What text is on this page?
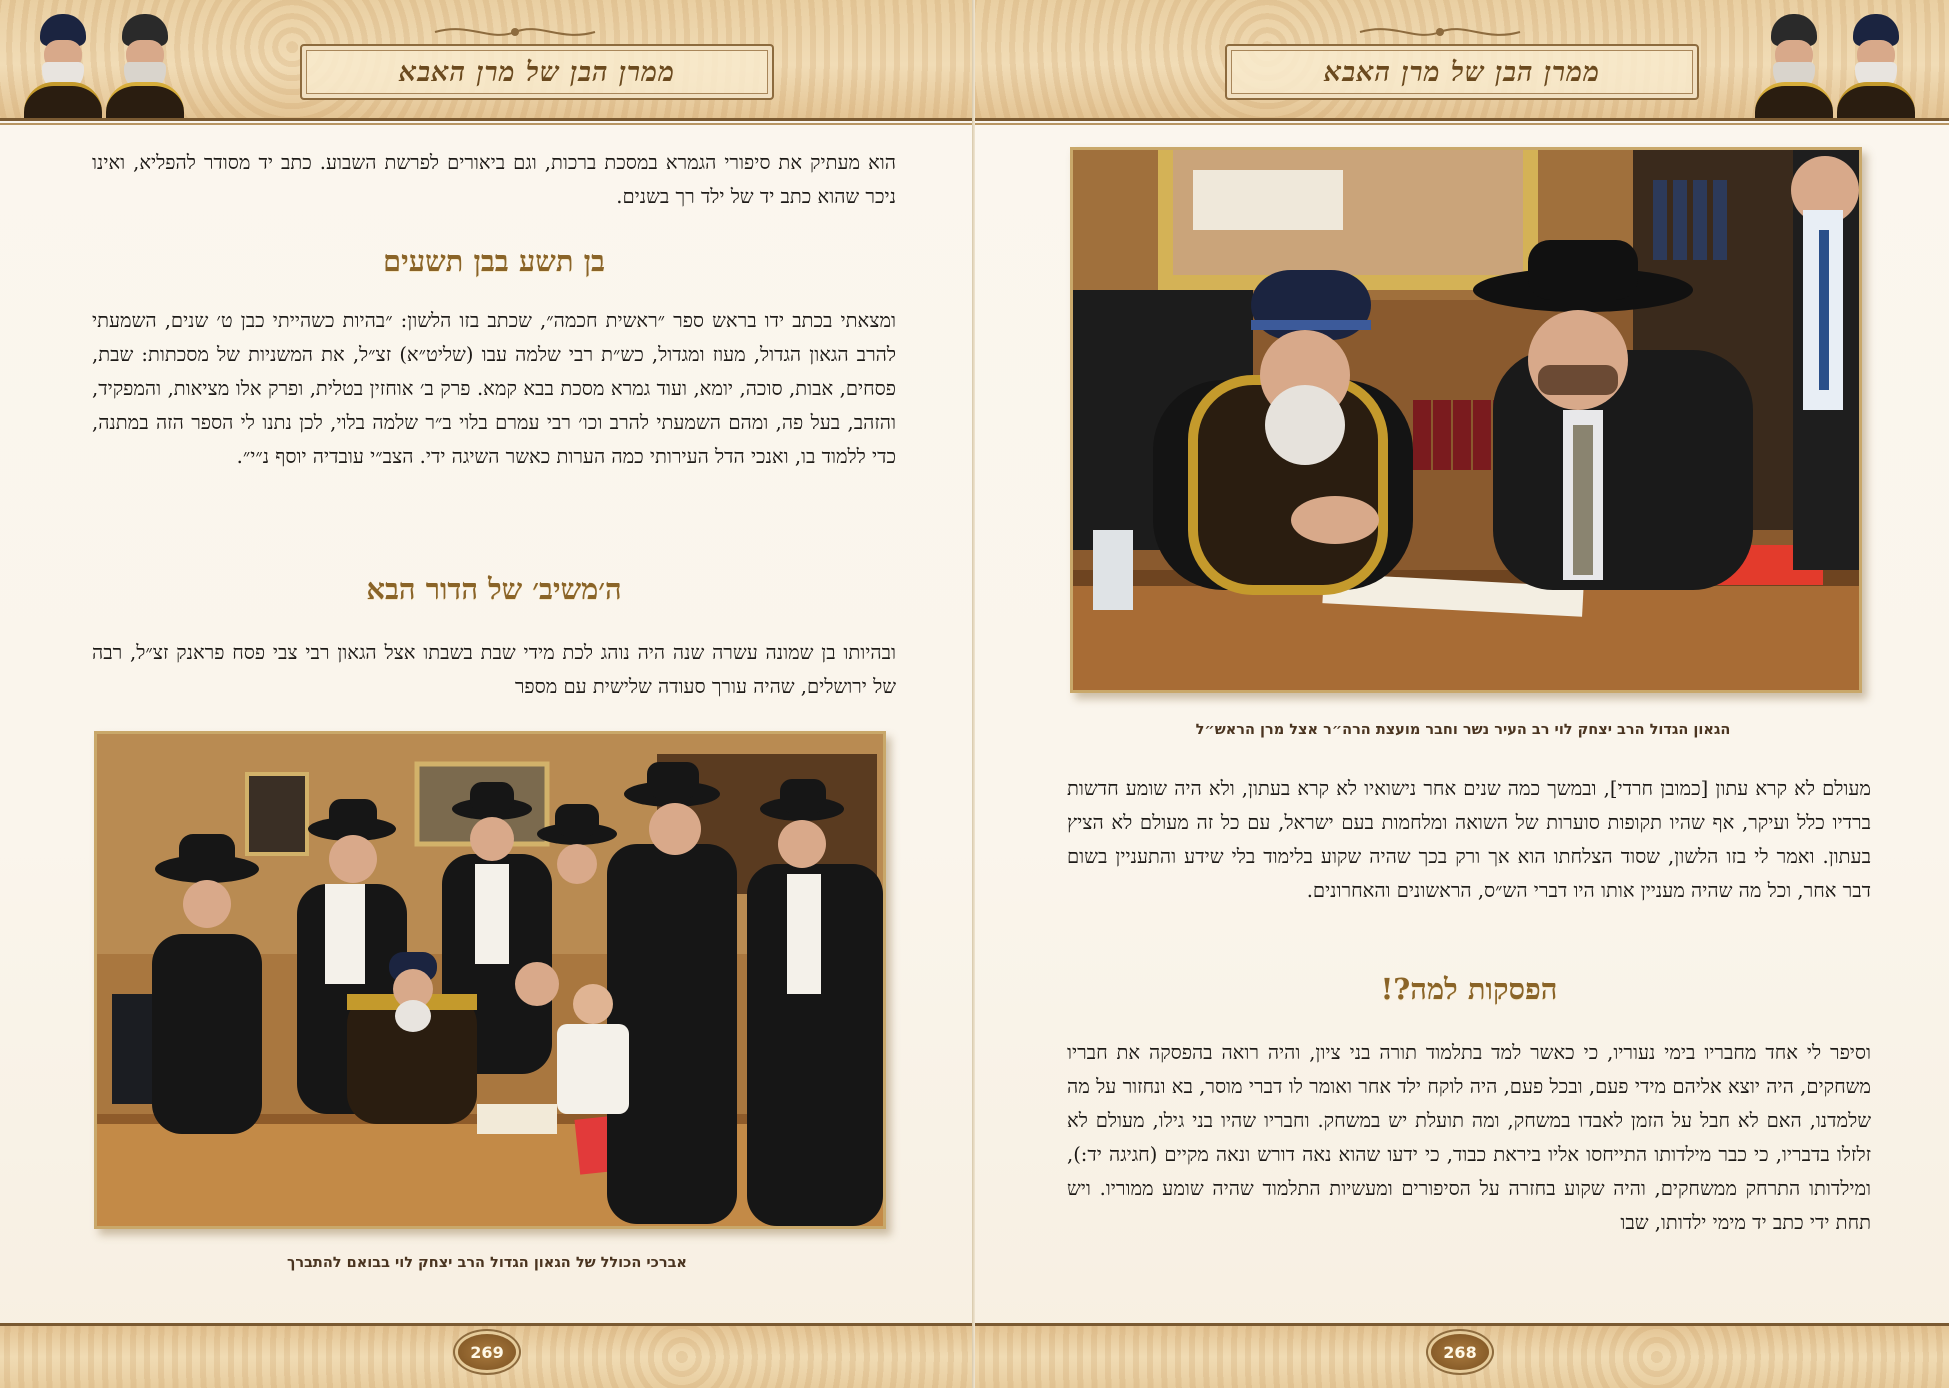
ממרן הבן של מרן האבא

הוא מעתיק את סיפורי הגמרא במסכת ברכות, וגם ביאורים לפרשת השבוע. כתב יד מסודר להפליא, ואינו ניכר שהוא כתב יד של ילד רך בשנים.

בן תשע בבן תשעים

ומצאתי בכתב ידו בראש ספר ״ראשית חכמה״, שכתב בזו הלשון: ״בהיות כשהייתי כבן ט׳ שנים, השמעתי להרב הגאון הגדול, מעוז ומגדול, כש״ת רבי שלמה עבו (שליט״א) זצ״ל, את המשניות של מסכתות: שבת, פסחים, אבות, סוכה, יומא, ועוד גמרא מסכת בבא קמא. פרק ב׳ אוחזין בטלית, ופרק אלו מציאות, והמפקיד, והזהב, בעל פה, ומהם השמעתי להרב וכו׳ רבי עמרם בלוי ב״ר שלמה בלוי, לכן נתנו לי הספר הזה במתנה, כדי ללמוד בו, ואנכי הדל העירותי כמה הערות כאשר השיגה ידי. הצב״י עובדיה יוסף נ״י״.

ה׳משיב׳ של הדור הבא

ובהיותו בן שמונה עשרה שנה היה נוהג לכת מידי שבת בשבתו אצל הגאון רבי צבי פסח פראנק זצ״ל, רבה של ירושלים, שהיה עורך סעודה שלישית עם מספר

אברכי הכולל של הגאון הגדול הרב יצחק לוי בבואם להתברך

269
ממרן הבן של מרן האבא

הגאון הגדול הרב יצחק לוי רב העיר נשר וחבר מועצת הרה״ר אצל מרן הראש״ל

מעולם לא קרא עתון [כמובן חרדי], ובמשך כמה שנים אחר נישואיו לא קרא בעתון, ולא היה שומע חדשות ברדיו כלל ועיקר, אף שהיו תקופות סוערות של השואה ומלחמות בעם ישראל, עם כל זה מעולם לא הציץ בעתון. ואמר לי בזו הלשון, שסוד הצלחתו הוא אך ורק בכך שהיה שקוע בלימוד בלי שידע והתעניין בשום דבר אחר, וכל מה שהיה מעניין אותו היו דברי הש״ס, הראשונים והאחרונים.

הפסקות למה?!

וסיפר לי אחד מחבריו בימי נעוריו, כי כאשר למד בתלמוד תורה בני ציון, והיה רואה בהפסקה את חבריו משחקים, היה יוצא אליהם מידי פעם, ובכל פעם, היה לוקח ילד אחר ואומר לו דברי מוסר, בא ונחזור על מה שלמדנו, האם לא חבל על הזמן לאבדו במשחק, ומה תועלת יש במשחק. וחבריו שהיו בני גילו, מעולם לא זלזלו בדבריו, כי כבר מילדותו התייחסו אליו ביראת כבוד, כי ידעו שהוא נאה דורש ונאה מקיים (חגיגה יד:), ומילדותו התרחק ממשחקים, והיה שקוע בחזרה על הסיפורים ומעשיות התלמוד שהיה שומע ממוריו. ויש תחת ידי כתב יד מימי ילדותו, שבו

268
